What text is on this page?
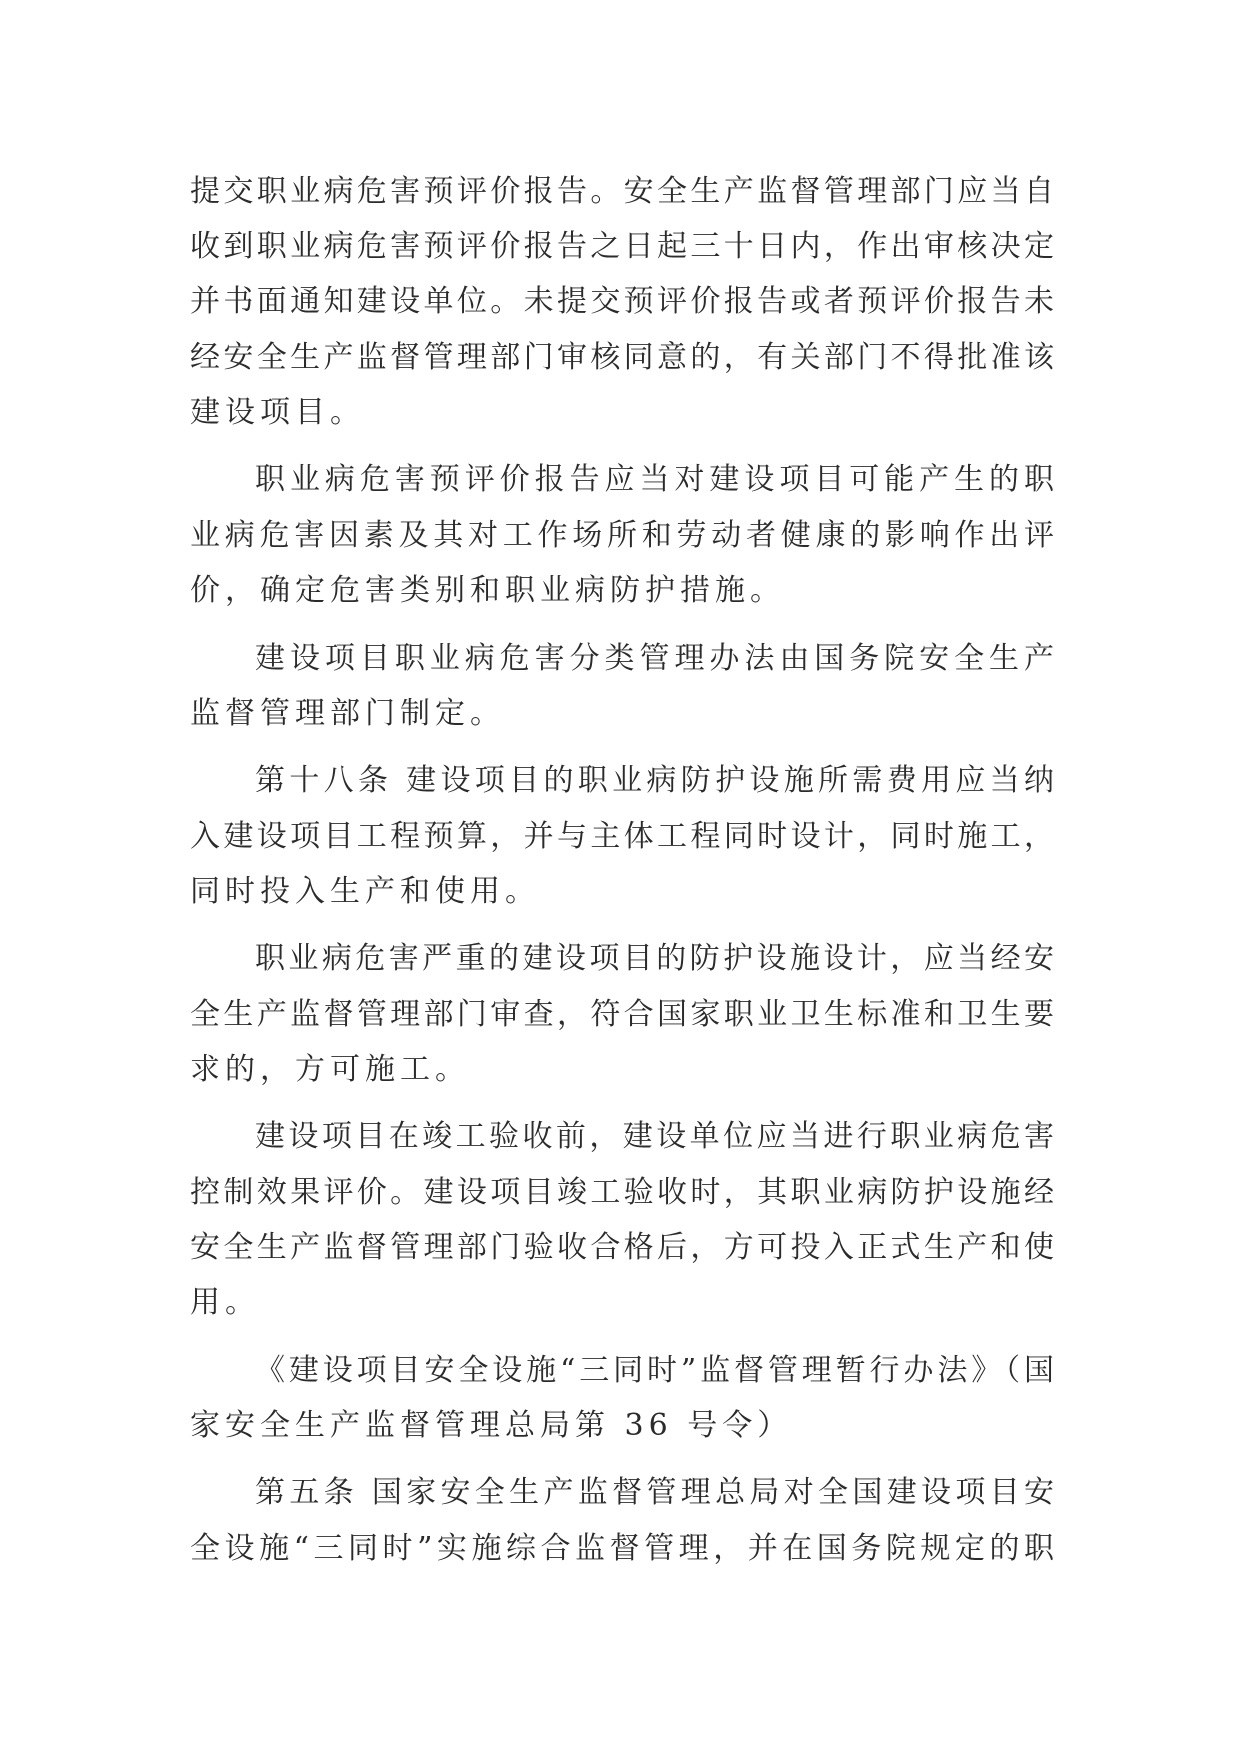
提交职业病危害预评价报告。安全生产监督管理部门应当自

收到职业病危害预评价报告之日起三十日内，作出审核决定

并书面通知建设单位。未提交预评价报告或者预评价报告未

经安全生产监督管理部门审核同意的，有关部门不得批准该

建设项目。

职业病危害预评价报告应当对建设项目可能产生的职

业病危害因素及其对工作场所和劳动者健康的影响作出评

价，确定危害类别和职业病防护措施。

建设项目职业病危害分类管理办法由国务院安全生产

监督管理部门制定。

第十八条 建设项目的职业病防护设施所需费用应当纳

入建设项目工程预算，并与主体工程同时设计，同时施工，

同时投入生产和使用。

职业病危害严重的建设项目的防护设施设计，应当经安

全生产监督管理部门审查，符合国家职业卫生标准和卫生要

求的，方可施工。

建设项目在竣工验收前，建设单位应当进行职业病危害

控制效果评价。建设项目竣工验收时，其职业病防护设施经

安全生产监督管理部门验收合格后，方可投入正式生产和使

用。

《建设项目安全设施“三同时”监督管理暂行办法》（国

家安全生产监督管理总局第 36 号令）

第五条 国家安全生产监督管理总局对全国建设项目安

全设施“三同时”实施综合监督管理，并在国务院规定的职
